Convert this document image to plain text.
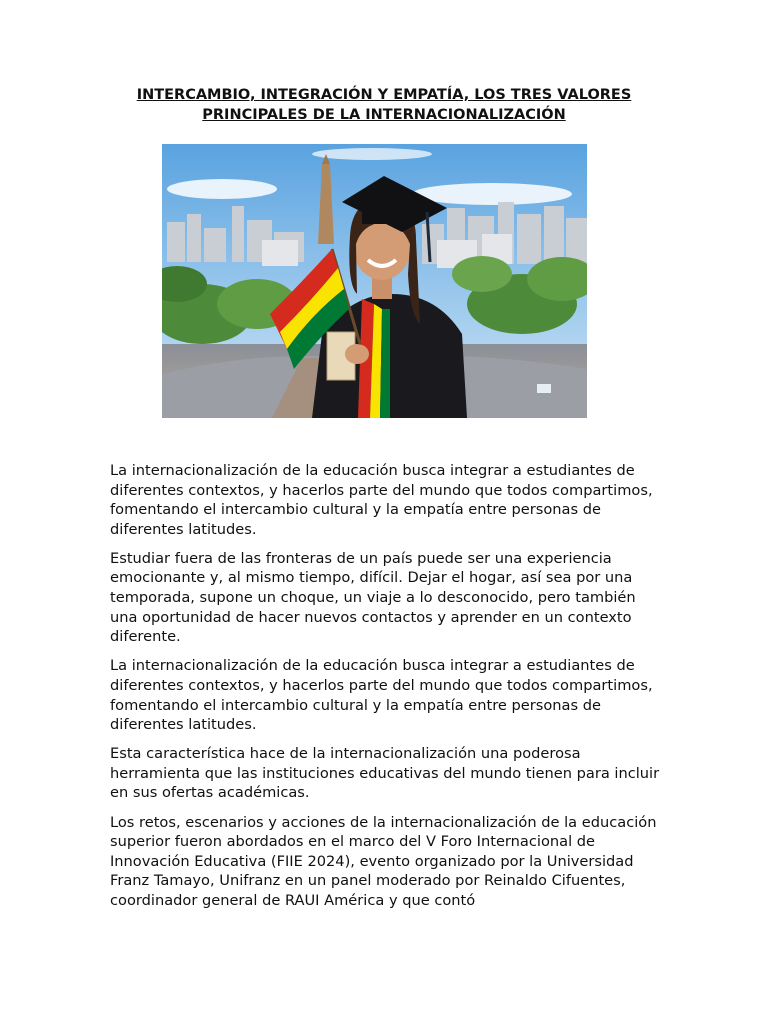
INTERCAMBIO, INTEGRACIÓN Y EMPATÍA, LOS TRES VALORES
PRINCIPALES DE LA INTERNACIONALIZACIÓN

La internacionalización de la educación busca integrar a estudiantes de diferentes contextos, y hacerlos parte del mundo que todos compartimos, fomentando el intercambio cultural y la empatía entre personas de diferentes latitudes.

Estudiar fuera de las fronteras de un país puede ser una experiencia emocionante y, al mismo tiempo, difícil. Dejar el hogar, así sea por una temporada, supone un choque, un viaje a lo desconocido, pero también una oportunidad de hacer nuevos contactos y aprender en un contexto diferente.

La internacionalización de la educación busca integrar a estudiantes de diferentes contextos, y hacerlos parte del mundo que todos compartimos, fomentando el intercambio cultural y la empatía entre personas de diferentes latitudes.

Esta característica hace de la internacionalización una poderosa herramienta que las instituciones educativas del mundo tienen para incluir en sus ofertas académicas.

Los retos, escenarios y acciones de la internacionalización de la educación superior fueron abordados en el marco del V Foro Internacional de Innovación Educativa (FIIE 2024), evento organizado por la Universidad Franz Tamayo, Unifranz en un panel moderado por Reinaldo Cifuentes, coordinador general de RAUI América y que contó
